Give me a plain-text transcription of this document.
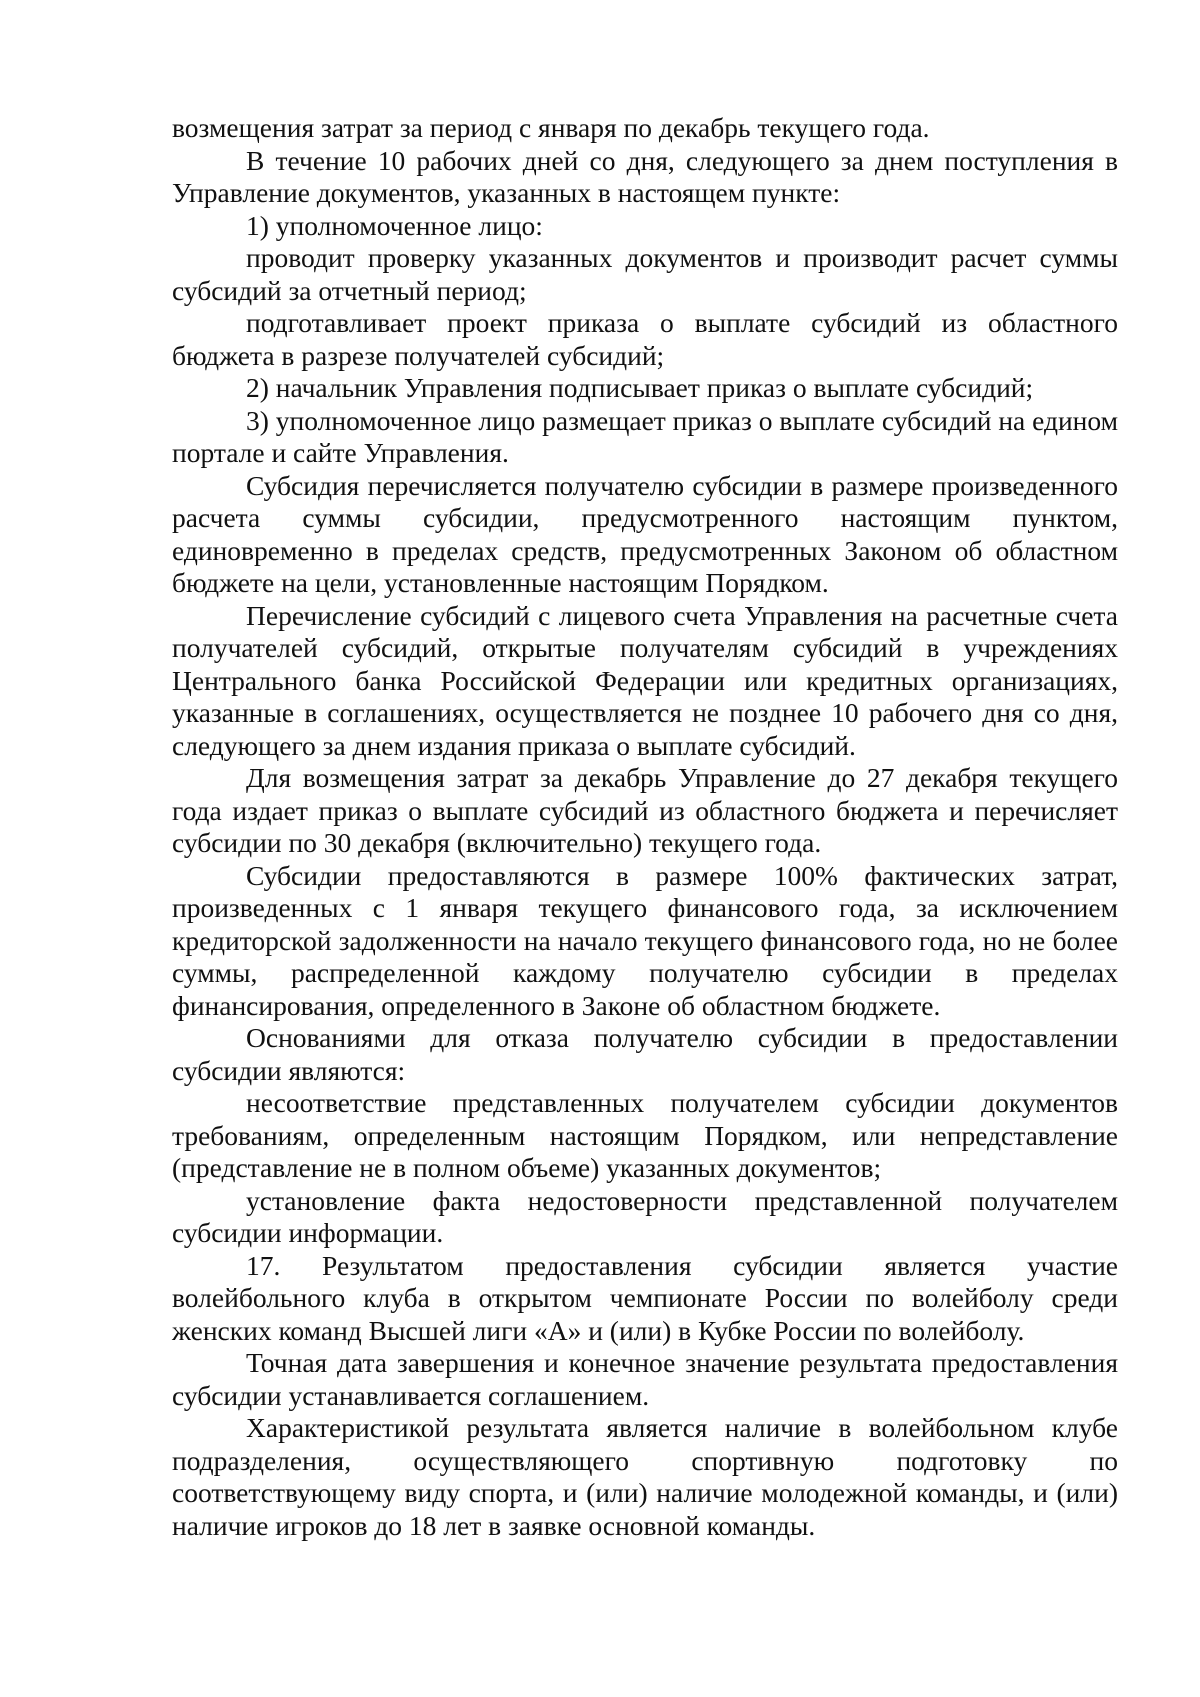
возмещения затрат за период с января по декабрь текущего года.

В течение 10 рабочих дней со дня, следующего за днем поступления в Управление документов, указанных в настоящем пункте:

1) уполномоченное лицо:

проводит проверку указанных документов и производит расчет суммы субсидий за отчетный период;

подготавливает проект приказа о выплате субсидий из областного бюджета в разрезе получателей субсидий;

2) начальник Управления подписывает приказ о выплате субсидий;

3) уполномоченное лицо размещает приказ о выплате субсидий на едином портале и сайте Управления.

Субсидия перечисляется получателю субсидии в размере произведенного расчета суммы субсидии, предусмотренного настоящим пунктом, единовременно в пределах средств, предусмотренных Законом об областном бюджете на цели, установленные настоящим Порядком.

Перечисление субсидий с лицевого счета Управления на расчетные счета получателей субсидий, открытые получателям субсидий в учреждениях Центрального банка Российской Федерации или кредитных организациях, указанные в соглашениях, осуществляется не позднее 10 рабочего дня со дня, следующего за днем издания приказа о выплате субсидий.

Для возмещения затрат за декабрь Управление до 27 декабря текущего года издает приказ о выплате субсидий из областного бюджета и перечисляет субсидии по 30 декабря (включительно) текущего года.

Субсидии предоставляются в размере 100% фактических затрат, произведенных с 1 января текущего финансового года, за исключением кредиторской задолженности на начало текущего финансового года, но не более суммы, распределенной каждому получателю субсидии в пределах финансирования, определенного в Законе об областном бюджете.

Основаниями для отказа получателю субсидии в предоставлении субсидии являются:

несоответствие представленных получателем субсидии документов требованиям, определенным настоящим Порядком, или непредставление (представление не в полном объеме) указанных документов;

установление факта недостоверности представленной получателем субсидии информации.

17. Результатом предоставления субсидии является участие волейбольного клуба в открытом чемпионате России по волейболу среди женских команд Высшей лиги «А» и (или) в Кубке России по волейболу.

Точная дата завершения и конечное значение результата предоставления субсидии устанавливается соглашением.

Характеристикой результата является наличие в волейбольном клубе подразделения, осуществляющего спортивную подготовку по соответствующему виду спорта, и (или) наличие молодежной команды, и (или) наличие игроков до 18 лет в заявке основной команды.
